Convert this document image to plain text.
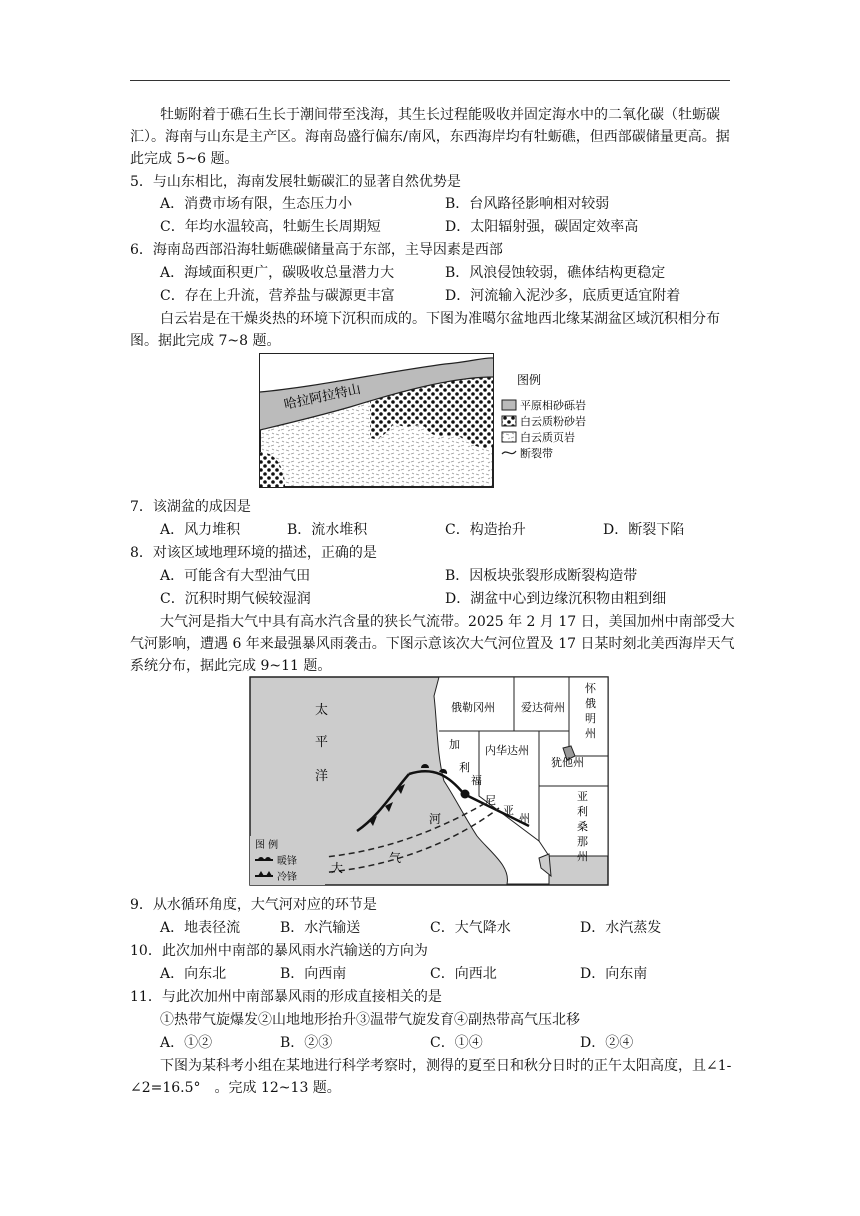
牡蛎附着于礁石生长于潮间带至浅海，其生长过程能吸收并固定海水中的二氧化碳（牡蛎碳汇）。海南与山东是主产区。海南岛盛行偏东/南风，东西海岸均有牡蛎礁，但西部碳储量更高。据此完成 5~6 题。

5．与山东相比，海南发展牡蛎碳汇的显著自然优势是

A．消费市场有限，生态压力小	B．台风路径影响相对较弱

C．年均水温较高，牡蛎生长周期短	D．太阳辐射强，碳固定效率高

6．海南岛西部沿海牡蛎礁碳储量高于东部，主导因素是西部

A．海域面积更广，碳吸收总量潜力大	B．风浪侵蚀较弱，礁体结构更稳定

C．存在上升流，营养盐与碳源更丰富	D．河流输入泥沙多，底质更适宜附着

白云岩是在干燥炎热的环境下沉积而成的。下图为准噶尔盆地西北缘某湖盆区域沉积相分布图。据此完成 7~8 题。

哈拉阿拉特山
图例
平原相砂砾岩
白云质粉砂岩
白云质页岩
断裂带

7．该湖盆的成因是

A．风力堆积	B．流水堆积	C．构造抬升	D．断裂下陷

8．对该区域地理环境的描述，正确的是

A．可能含有大型油气田	B．因板块张裂形成断裂构造带

C．沉积时期气候较湿润	D．湖盆中心到边缘沉积物由粗到细

大气河是指大气中具有高水汽含量的狭长气流带。2025 年 2 月 17 日，美国加州中南部受大气河影响，遭遇 6 年来最强暴风雨袭击。下图示意该次大气河位置及 17 日某时刻北美西海岸天气系统分布，据此完成 9~11 题。

太
平
洋
俄勒冈州 爱达荷州
怀
俄
明
州
内华达州
犹他州
亚
利
桑
那
州
加
利
福
尼
亚
州
大
气
河
图 例
暖锋
冷锋

9．从水循环角度，大气河对应的环节是

A．地表径流	B．水汽输送	C．大气降水	D．水汽蒸发

10．此次加州中南部的暴风雨水汽输送的方向为

A．向东北	B．向西南	C．向西北	D．向东南

11．与此次加州中南部暴风雨的形成直接相关的是

①热带气旋爆发②山地地形抬升③温带气旋发育④副热带高气压北移

A．①②	B．②③	C．①④	D．②④

下图为某科考小组在某地进行科学考察时，测得的夏至日和秋分日时的正午太阳高度，且∠1-∠2=16.5°　。完成 12~13 题。
